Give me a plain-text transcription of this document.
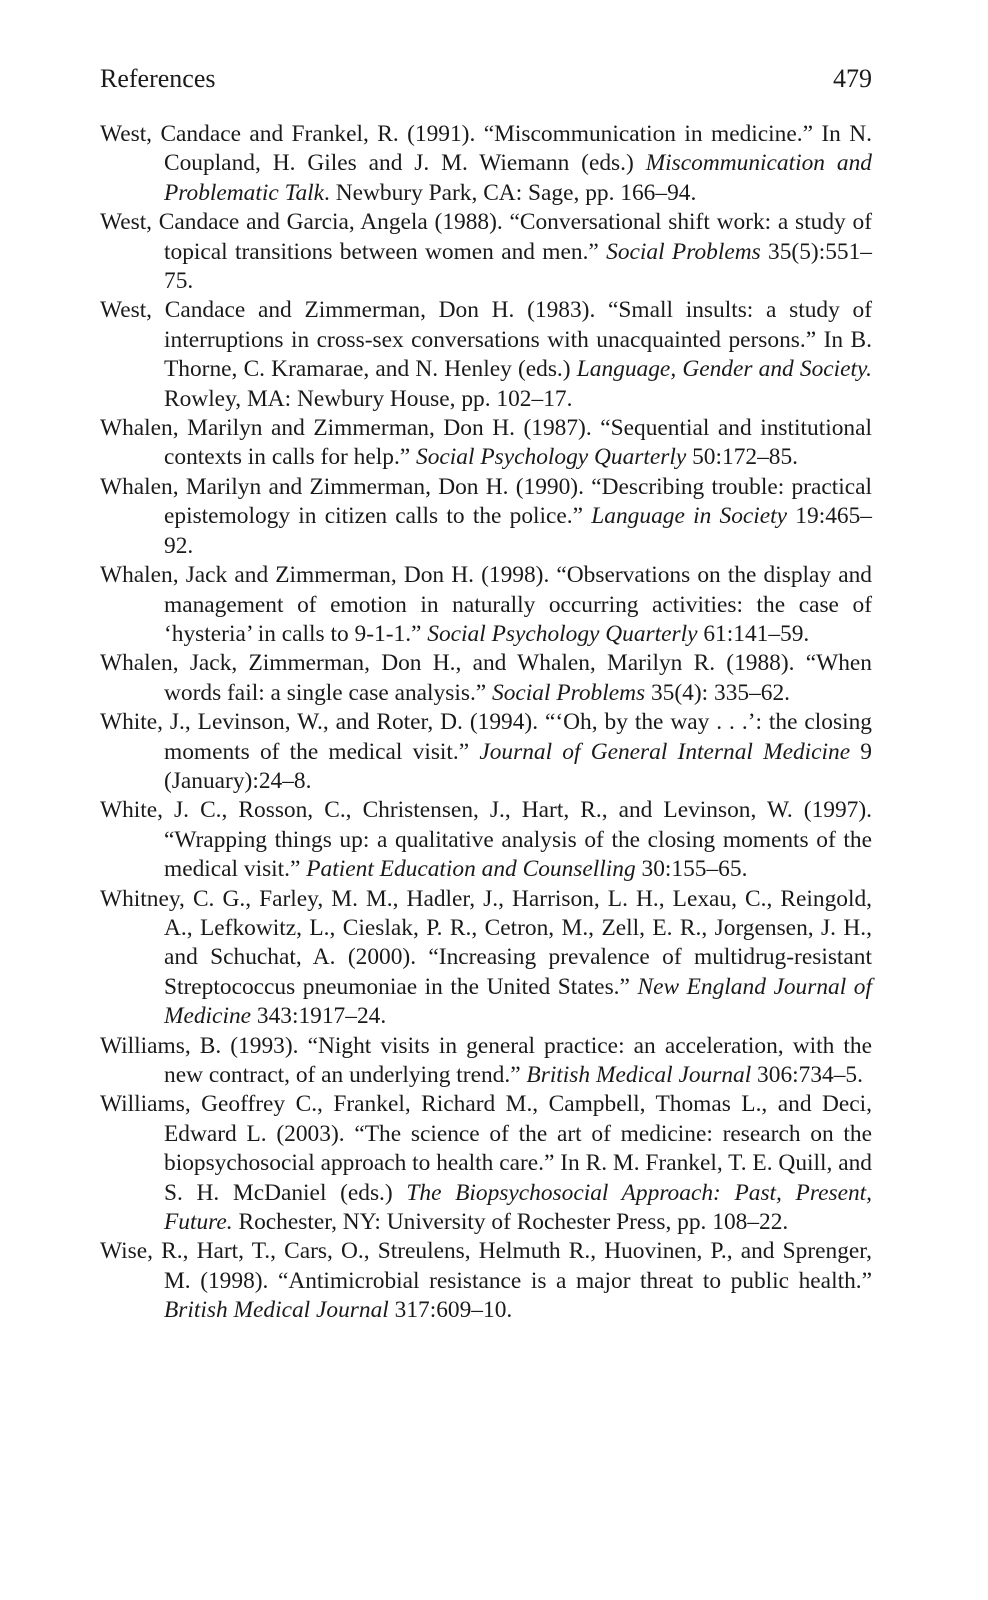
References	479

West, Candace and Frankel, R. (1991). “Miscommunication in medicine.” In N. Coupland, H. Giles and J. M. Wiemann (eds.) Miscommunication and Problematic Talk. Newbury Park, CA: Sage, pp. 166–94.

West, Candace and Garcia, Angela (1988). “Conversational shift work: a study of topical transitions between women and men.” Social Problems 35(5):551–75.

West, Candace and Zimmerman, Don H. (1983). “Small insults: a study of interruptions in cross-sex conversations with unacquainted persons.” In B. Thorne, C. Kramarae, and N. Henley (eds.) Language, Gender and Society. Rowley, MA: Newbury House, pp. 102–17.

Whalen, Marilyn and Zimmerman, Don H. (1987). “Sequential and institutional contexts in calls for help.” Social Psychology Quarterly 50:172–85.

Whalen, Marilyn and Zimmerman, Don H. (1990). “Describing trouble: practical epistemology in citizen calls to the police.” Language in Society 19:465–92.

Whalen, Jack and Zimmerman, Don H. (1998). “Observations on the display and management of emotion in naturally occurring activities: the case of ‘hysteria’ in calls to 9-1-1.” Social Psychology Quarterly 61:141–59.

Whalen, Jack, Zimmerman, Don H., and Whalen, Marilyn R. (1988). “When words fail: a single case analysis.” Social Problems 35(4): 335–62.

White, J., Levinson, W., and Roter, D. (1994). “‘Oh, by the way . . .’: the closing moments of the medical visit.” Journal of General Internal Medicine 9 (January):24–8.

White, J. C., Rosson, C., Christensen, J., Hart, R., and Levinson, W. (1997). “Wrapping things up: a qualitative analysis of the closing moments of the medical visit.” Patient Education and Counselling 30:155–65.

Whitney, C. G., Farley, M. M., Hadler, J., Harrison, L. H., Lexau, C., Reingold, A., Lefkowitz, L., Cieslak, P. R., Cetron, M., Zell, E. R., Jorgensen, J. H., and Schuchat, A. (2000). “Increasing prevalence of multidrug-resistant Streptococcus pneumoniae in the United States.” New England Journal of Medicine 343:1917–24.

Williams, B. (1993). “Night visits in general practice: an acceleration, with the new contract, of an underlying trend.” British Medical Journal 306:734–5.

Williams, Geoffrey C., Frankel, Richard M., Campbell, Thomas L., and Deci, Edward L. (2003). “The science of the art of medicine: research on the biopsychosocial approach to health care.” In R. M. Frankel, T. E. Quill, and S. H. McDaniel (eds.) The Biopsychosocial Approach: Past, Present, Future. Rochester, NY: University of Rochester Press, pp. 108–22.

Wise, R., Hart, T., Cars, O., Streulens, Helmuth R., Huovinen, P., and Sprenger, M. (1998). “Antimicrobial resistance is a major threat to public health.” British Medical Journal 317:609–10.
